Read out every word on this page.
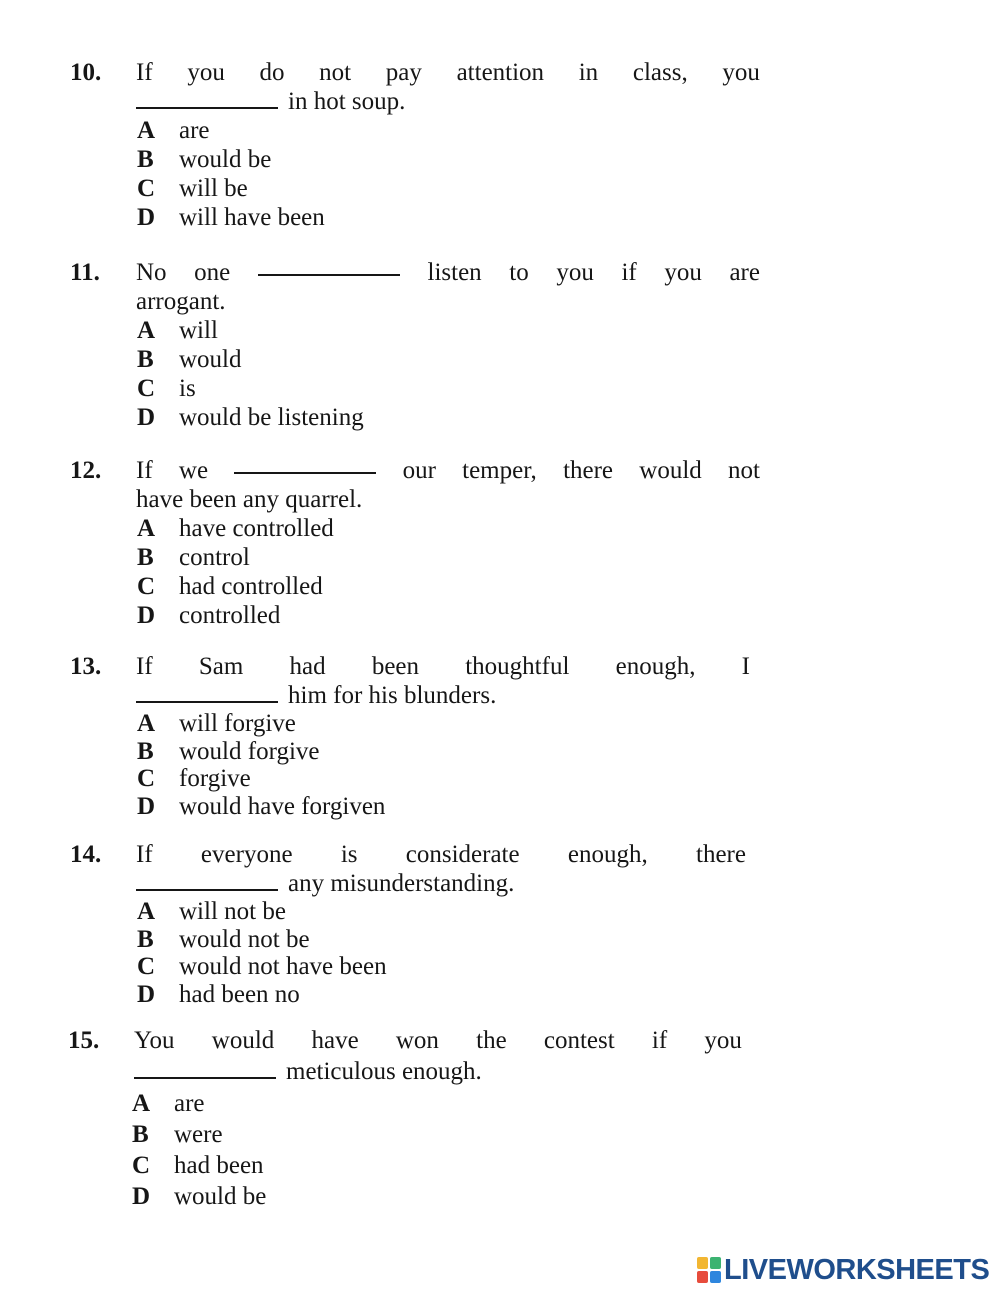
10.	If you do not pay attention in class, you
in hot soup.
A are
B would be
C will be
D will have been
11.	No one	listen to you if you are
arrogant.
A will
B would
C is
D would be listening
12.	If we	our temper, there would not
have been any quarrel.
A have controlled
B control
C had controlled
D controlled
13.	If Sam had been thoughtful enough, I
him for his blunders.
A will forgive
B would forgive
C forgive
D would have forgiven
14.	If everyone is considerate enough, there
any misunderstanding.
A will not be
B would not be
C would not have been
D had been no
15.	You would have won the contest if you
meticulous enough.
A are
B were
C had been
D would be
LIVEWORKSHEETS
